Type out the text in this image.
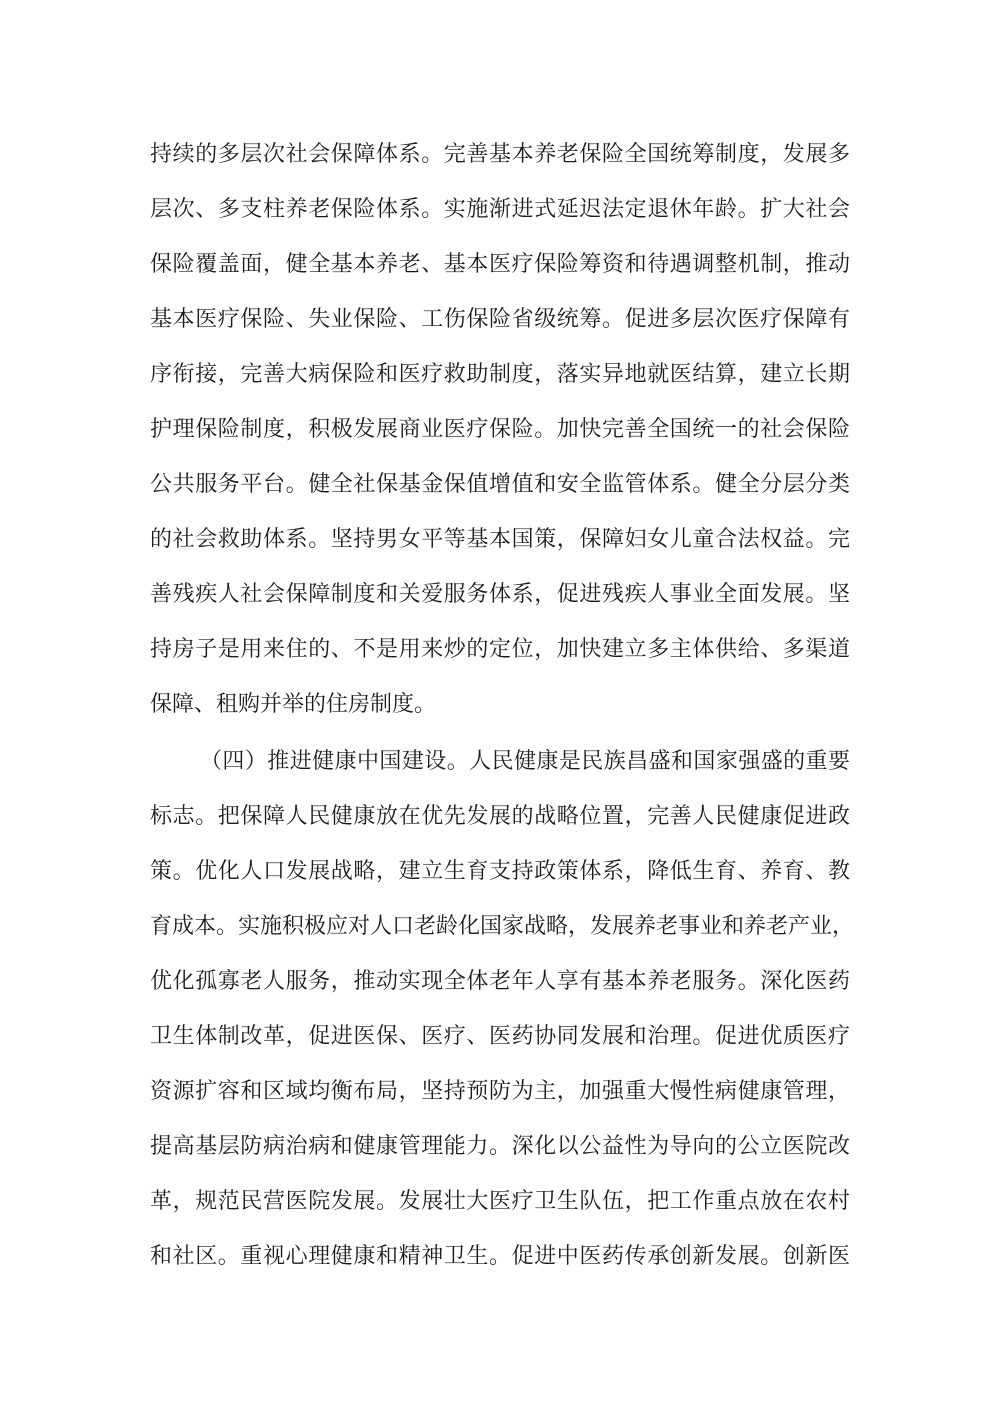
持续的多层次社会保障体系。完善基本养老保险全国统筹制度，发展多
层次、多支柱养老保险体系。实施渐进式延迟法定退休年龄。扩大社会
保险覆盖面，健全基本养老、基本医疗保险筹资和待遇调整机制，推动
基本医疗保险、失业保险、工伤保险省级统筹。促进多层次医疗保障有
序衔接，完善大病保险和医疗救助制度，落实异地就医结算，建立长期
护理保险制度，积极发展商业医疗保险。加快完善全国统一的社会保险
公共服务平台。健全社保基金保值增值和安全监管体系。健全分层分类
的社会救助体系。坚持男女平等基本国策，保障妇女儿童合法权益。完
善残疾人社会保障制度和关爱服务体系，促进残疾人事业全面发展。坚
持房子是用来住的、不是用来炒的定位，加快建立多主体供给、多渠道
保障、租购并举的住房制度。
（四）推进健康中国建设。人民健康是民族昌盛和国家强盛的重要
标志。把保障人民健康放在优先发展的战略位置，完善人民健康促进政
策。优化人口发展战略，建立生育支持政策体系，降低生育、养育、教
育成本。实施积极应对人口老龄化国家战略，发展养老事业和养老产业，
优化孤寡老人服务，推动实现全体老年人享有基本养老服务。深化医药
卫生体制改革，促进医保、医疗、医药协同发展和治理。促进优质医疗
资源扩容和区域均衡布局，坚持预防为主，加强重大慢性病健康管理，
提高基层防病治病和健康管理能力。深化以公益性为导向的公立医院改
革，规范民营医院发展。发展壮大医疗卫生队伍，把工作重点放在农村
和社区。重视心理健康和精神卫生。促进中医药传承创新发展。创新医
